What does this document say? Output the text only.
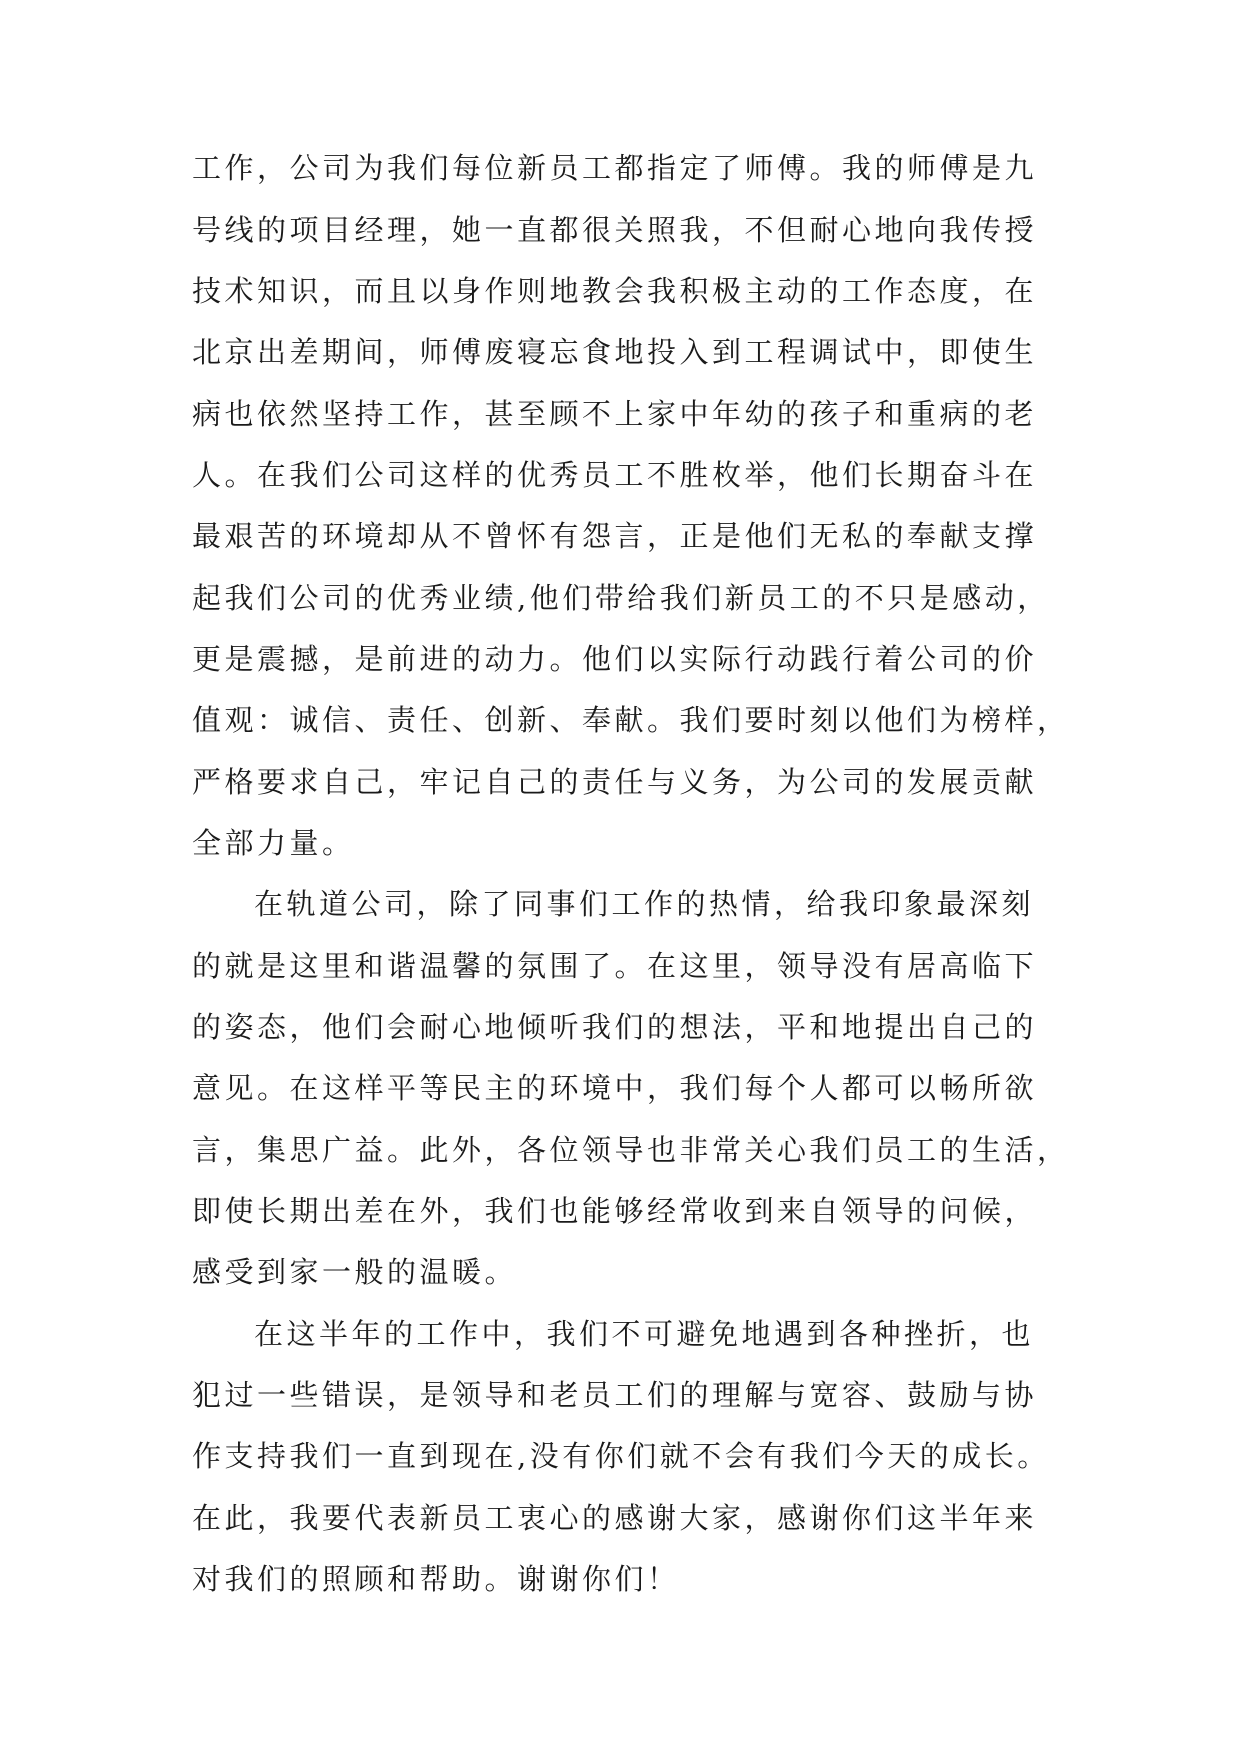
工作，公司为我们每位新员工都指定了师傅。我的师傅是九

号线的项目经理，她一直都很关照我，不但耐心地向我传授

技术知识，而且以身作则地教会我积极主动的工作态度，在

北京出差期间，师傅废寝忘食地投入到工程调试中，即使生

病也依然坚持工作，甚至顾不上家中年幼的孩子和重病的老

人。在我们公司这样的优秀员工不胜枚举，他们长期奋斗在

最艰苦的环境却从不曾怀有怨言，正是他们无私的奉献支撑

起我们公司的优秀业绩,他们带给我们新员工的不只是感动，

更是震撼，是前进的动力。他们以实际行动践行着公司的价

值观：诚信、责任、创新、奉献。我们要时刻以他们为榜样，

严格要求自己，牢记自己的责任与义务，为公司的发展贡献

全部力量。

在轨道公司，除了同事们工作的热情，给我印象最深刻

的就是这里和谐温馨的氛围了。在这里，领导没有居高临下

的姿态，他们会耐心地倾听我们的想法，平和地提出自己的

意见。在这样平等民主的环境中，我们每个人都可以畅所欲

言，集思广益。此外，各位领导也非常关心我们员工的生活，

即使长期出差在外，我们也能够经常收到来自领导的问候，

感受到家一般的温暖。

在这半年的工作中，我们不可避免地遇到各种挫折，也

犯过一些错误，是领导和老员工们的理解与宽容、鼓励与协

作支持我们一直到现在,没有你们就不会有我们今天的成长。

在此，我要代表新员工衷心的感谢大家，感谢你们这半年来

对我们的照顾和帮助。谢谢你们！
